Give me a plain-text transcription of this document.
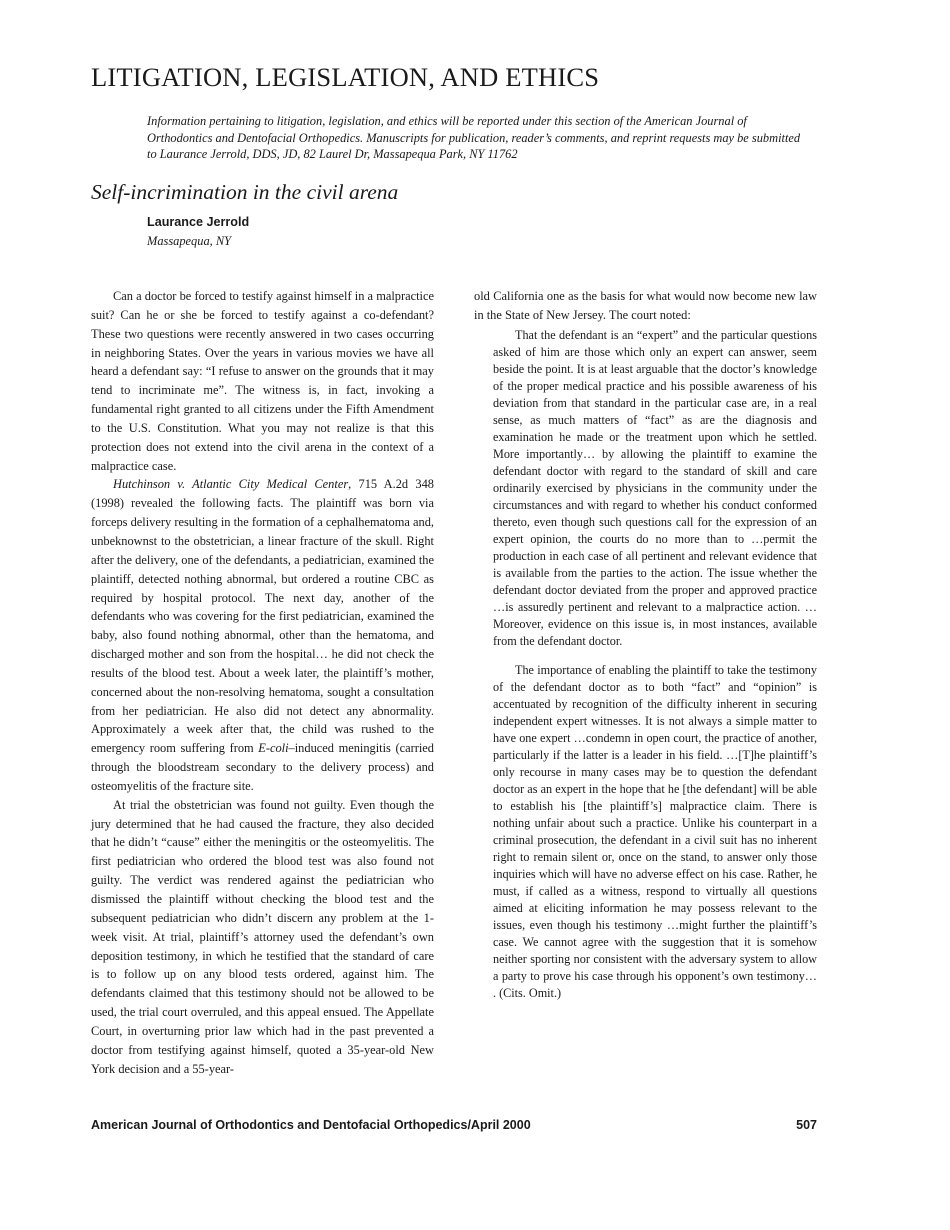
LITIGATION, LEGISLATION, AND ETHICS

Information pertaining to litigation, legislation, and ethics will be reported under this section of the American Journal of Orthodontics and Dentofacial Orthopedics. Manuscripts for publication, reader’s comments, and reprint requests may be submitted to Laurance Jerrold, DDS, JD, 82 Laurel Dr, Massapequa Park, NY 11762

Self-incrimination in the civil arena
Laurance Jerrold
Massapequa, NY

Can a doctor be forced to testify against himself in a malpractice suit? Can he or she be forced to testify against a co-defendant? These two questions were recently answered in two cases occurring in neighboring States. Over the years in various movies we have all heard a defendant say: “I refuse to answer on the grounds that it may tend to incriminate me”. The witness is, in fact, invoking a fundamental right granted to all citizens under the Fifth Amendment to the U.S. Constitution. What you may not realize is that this protection does not extend into the civil arena in the context of a malpractice case.

Hutchinson v. Atlantic City Medical Center, 715 A.2d 348 (1998) revealed the following facts. The plaintiff was born via forceps delivery resulting in the formation of a cephalhematoma and, unbeknownst to the obstetrician, a linear fracture of the skull. Right after the delivery, one of the defendants, a pediatrician, examined the plaintiff, detected nothing abnormal, but ordered a routine CBC as required by hospital protocol. The next day, another of the defendants who was covering for the first pediatrician, examined the baby, also found nothing abnormal, other than the hematoma, and discharged mother and son from the hospital… he did not check the results of the blood test. About a week later, the plaintiff’s mother, concerned about the non-resolving hematoma, sought a consultation from her pediatrician. He also did not detect any abnormality. Approximately a week after that, the child was rushed to the emergency room suffering from E-coli–induced meningitis (carried through the bloodstream secondary to the delivery process) and osteomyelitis of the fracture site.

At trial the obstetrician was found not guilty. Even though the jury determined that he had caused the fracture, they also decided that he didn’t “cause” either the meningitis or the osteomyelitis. The first pediatrician who ordered the blood test was also found not guilty. The verdict was rendered against the pediatrician who dismissed the plaintiff without checking the blood test and the subsequent pediatrician who didn’t discern any problem at the 1-week visit. At trial, plaintiff’s attorney used the defendant’s own deposition testimony, in which he testified that the standard of care is to follow up on any blood tests ordered, against him. The defendants claimed that this testimony should not be allowed to be used, the trial court overruled, and this appeal ensued. The Appellate Court, in overturning prior law which had in the past prevented a doctor from testifying against himself, quoted a 35-year-old New York decision and a 55-year-

old California one as the basis for what would now become new law in the State of New Jersey. The court noted:

That the defendant is an “expert” and the particular questions asked of him are those which only an expert can answer, seem beside the point. It is at least arguable that the doctor’s knowledge of the proper medical practice and his possible awareness of his deviation from that standard in the particular case are, in a real sense, as much matters of “fact” as are the diagnosis and examination he made or the treatment upon which he settled. More importantly… by allowing the plaintiff to examine the defendant doctor with regard to the standard of skill and care ordinarily exercised by physicians in the community under the circumstances and with regard to whether his conduct conformed thereto, even though such questions call for the expression of an expert opinion, the courts do no more than to …permit the production in each case of all pertinent and relevant evidence that is available from the parties to the action. The issue whether the defendant doctor deviated from the proper and approved practice …is assuredly pertinent and relevant to a malpractice action. …Moreover, evidence on this issue is, in most instances, available from the defendant doctor.

The importance of enabling the plaintiff to take the testimony of the defendant doctor as to both “fact” and “opinion” is accentuated by recognition of the difficulty inherent in securing independent expert witnesses. It is not always a simple matter to have one expert …condemn in open court, the practice of another, particularly if the latter is a leader in his field. …[T]he plaintiff’s only recourse in many cases may be to question the defendant doctor as an expert in the hope that he [the defendant] will be able to establish his [the plaintiff’s] malpractice claim. There is nothing unfair about such a practice. Unlike his counterpart in a criminal prosecution, the defendant in a civil suit has no inherent right to remain silent or, once on the stand, to answer only those inquiries which will have no adverse effect on his case. Rather, he must, if called as a witness, respond to virtually all questions aimed at eliciting information he may possess relevant to the issues, even though his testimony …might further the plaintiff’s case. We cannot agree with the suggestion that it is somehow neither sporting nor consistent with the adversary system to allow a party to prove his case through his opponent’s own testimony… . (Cits. Omit.)

American Journal of Orthodontics and Dentofacial Orthopedics/April 2000	507
